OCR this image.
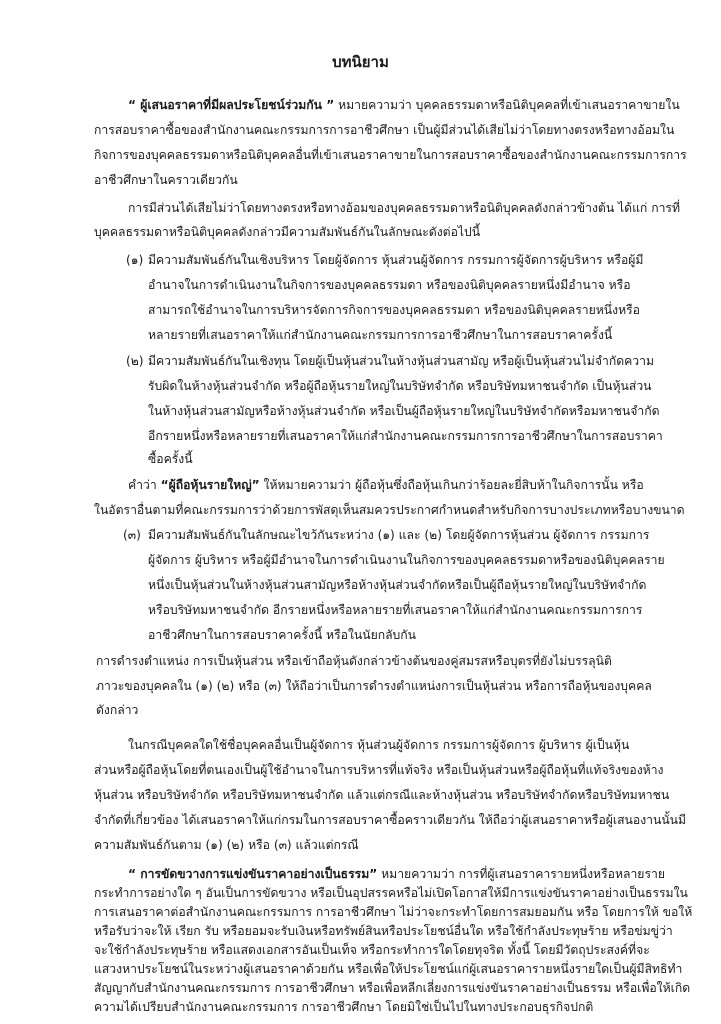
บทนิยาม
“ ผู้เสนอราคาที่มีผลประโยชน์ร่วมกัน ” หมายความว่า บุคคลธรรมดาหรือนิติบุคคลที่เข้าเสนอราคาขายใน
การสอบราคาซื้อของสำนักงานคณะกรรมการการอาชีวศึกษา เป็นผู้มีส่วนได้เสียไม่ว่าโดยทางตรงหรือทางอ้อมใน
กิจการของบุคคลธรรมดาหรือนิติบุคคลอื่นที่เข้าเสนอราคาขายในการสอบราคาซื้อของสำนักงานคณะกรรมการการ
อาชีวศึกษาในคราวเดียวกัน
การมีส่วนได้เสียไม่ว่าโดยทางตรงหรือทางอ้อมของบุคคลธรรมดาหรือนิติบุคคลดังกล่าวข้างต้น ได้แก่ การที่
บุคคลธรรมดาหรือนิติบุคคลดังกล่าวมีความสัมพันธ์กันในลักษณะดังต่อไปนี้
(๑) มีความสัมพันธ์กันในเชิงบริหาร โดยผู้จัดการ หุ้นส่วนผู้จัดการ กรรมการผู้จัดการผู้บริหาร หรือผู้มี
อำนาจในการดำเนินงานในกิจการของบุคคลธรรมดา หรือของนิติบุคคลรายหนึ่งมีอำนาจ หรือ
สามารถใช้อำนาจในการบริหารจัดการกิจการของบุคคลธรรมดา หรือของนิติบุคคลรายหนึ่งหรือ
หลายรายที่เสนอราคาให้แก่สำนักงานคณะกรรมการการอาชีวศึกษาในการสอบราคาครั้งนี้
(๒) มีความสัมพันธ์กันในเชิงทุน โดยผู้เป็นหุ้นส่วนในห้างหุ้นส่วนสามัญ หรือผู้เป็นหุ้นส่วนไม่จำกัดความ
รับผิดในห้างหุ้นส่วนจำกัด หรือผู้ถือหุ้นรายใหญ่ในบริษัทจำกัด หรือบริษัทมหาชนจำกัด เป็นหุ้นส่วน
ในห้างหุ้นส่วนสามัญหรือห้างหุ้นส่วนจำกัด หรือเป็นผู้ถือหุ้นรายใหญ่ในบริษัทจำกัดหรือมหาชนจำกัด
อีกรายหนึ่งหรือหลายรายที่เสนอราคาให้แก่สำนักงานคณะกรรมการการอาชีวศึกษาในการสอบราคา
ซื้อครั้งนี้
คำว่า “ผู้ถือหุ้นรายใหญ่” ให้หมายความว่า ผู้ถือหุ้นซึ่งถือหุ้นเกินกว่าร้อยละยี่สิบห้าในกิจการนั้น หรือ
ในอัตราอื่นตามที่คณะกรรมการว่าด้วยการพัสดุเห็นสมควรประกาศกำหนดสำหรับกิจการบางประเภทหรือบางขนาด
(๓) มีความสัมพันธ์กันในลักษณะไขว้กันระหว่าง (๑) และ (๒) โดยผู้จัดการหุ้นส่วน ผู้จัดการ กรรมการ
ผู้จัดการ ผู้บริหาร หรือผู้มีอำนาจในการดำเนินงานในกิจการของบุคคลธรรมดาหรือของนิติบุคคลราย
หนึ่งเป็นหุ้นส่วนในห้างหุ้นส่วนสามัญหรือห้างหุ้นส่วนจำกัดหรือเป็นผู้ถือหุ้นรายใหญ่ในบริษัทจำกัด
หรือบริษัทมหาชนจำกัด อีกรายหนึ่งหรือหลายรายที่เสนอราคาให้แก่สำนักงานคณะกรรมการการ
อาชีวศึกษาในการสอบราคาครั้งนี้ หรือในนัยกลับกัน
การดำรงตำแหน่ง การเป็นหุ้นส่วน หรือเข้าถือหุ้นดังกล่าวข้างต้นของคู่สมรสหรือบุตรที่ยังไม่บรรลุนิติ
ภาวะของบุคคลใน (๑) (๒) หรือ (๓) ให้ถือว่าเป็นการดำรงตำแหน่งการเป็นหุ้นส่วน หรือการถือหุ้นของบุคคล
ดังกล่าว
ในกรณีบุคคลใดใช้ชื่อบุคคลอื่นเป็นผู้จัดการ หุ้นส่วนผู้จัดการ กรรมการผู้จัดการ ผู้บริหาร ผู้เป็นหุ้น
ส่วนหรือผู้ถือหุ้นโดยที่ตนเองเป็นผู้ใช้อำนาจในการบริหารที่แท้จริง หรือเป็นหุ้นส่วนหรือผู้ถือหุ้นที่แท้จริงของห้าง
หุ้นส่วน หรือบริษัทจำกัด หรือบริษัทมหาชนจำกัด แล้วแต่กรณีและห้างหุ้นส่วน หรือบริษัทจำกัดหรือบริษัทมหาชน
จำกัดที่เกี่ยวข้อง ได้เสนอราคาให้แก่กรมในการสอบราคาซื้อคราวเดียวกัน ให้ถือว่าผู้เสนอราคาหรือผู้เสนองานนั้นมี
ความสัมพันธ์กันตาม (๑) (๒) หรือ (๓) แล้วแต่กรณี
“ การขัดขวางการแข่งขันราคาอย่างเป็นธรรม” หมายความว่า การที่ผู้เสนอราคารายหนึ่งหรือหลายราย
กระทำการอย่างใด ๆ อันเป็นการขัดขวาง หรือเป็นอุปสรรคหรือไม่เปิดโอกาสให้มีการแข่งขันราคาอย่างเป็นธรรมใน
การเสนอราคาต่อสำนักงานคณะกรรมการ การอาชีวศึกษา ไม่ว่าจะกระทำโดยการสมยอมกัน หรือ โดยการให้ ขอให้
หรือรับว่าจะให้ เรียก รับ หรือยอมจะรับเงินหรือทรัพย์สินหรือประโยชน์อื่นใด หรือใช้กำลังประทุษร้าย หรือข่มขู่ว่า
จะใช้กำลังประทุษร้าย หรือแสดงเอกสารอันเป็นเท็จ หรือกระทำการใดโดยทุจริต ทั้งนี้ โดยมีวัตถุประสงค์ที่จะ
แสวงหาประโยชน์ในระหว่างผู้เสนอราคาด้วยกัน หรือเพื่อให้ประโยชน์แก่ผู้เสนอราคารายหนึ่งรายใดเป็นผู้มีสิทธิทำ
สัญญากับสำนักงานคณะกรรมการ การอาชีวศึกษา หรือเพื่อหลีกเลี่ยงการแข่งขันราคาอย่างเป็นธรรม หรือเพื่อให้เกิด
ความได้เปรียบสำนักงานคณะกรรมการ การอาชีวศึกษา โดยมิใช่เป็นไปในทางประกอบธุรกิจปกติ
